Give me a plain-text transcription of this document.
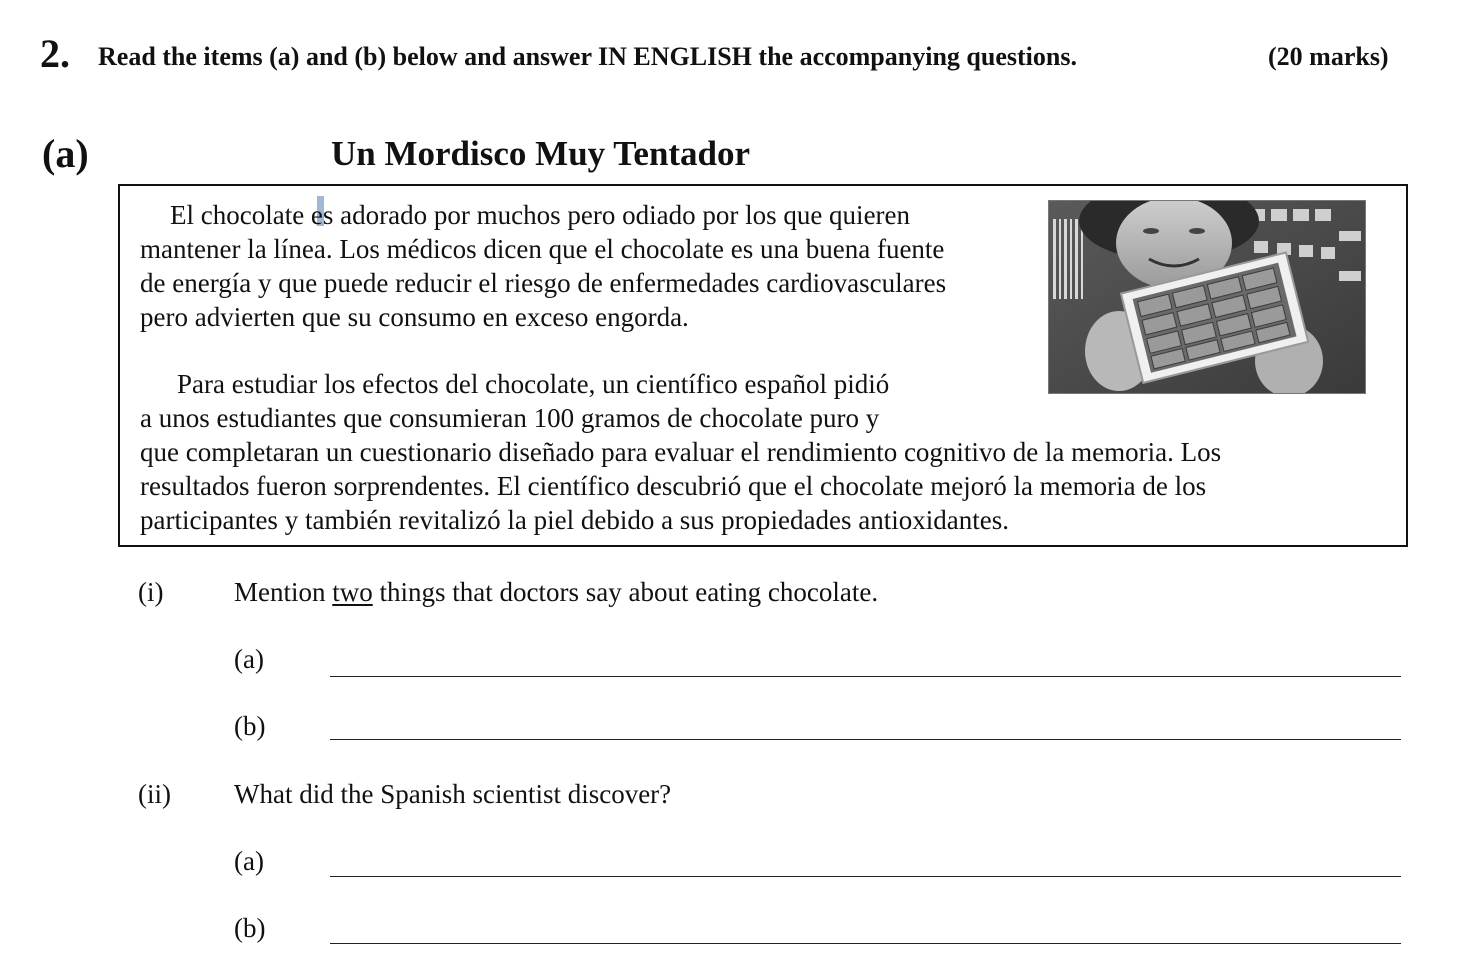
2. Read the items (a) and (b) below and answer IN ENGLISH the accompanying questions.	(20 marks)
(a)	Un Mordisco Muy Tentador
El chocolate es adorado por muchos pero odiado por los que quieren
mantener la línea. Los médicos dicen que el chocolate es una buena fuente
de energía y que puede reducir el riesgo de enfermedades cardiovasculares
pero advierten que su consumo en exceso engorda.
Para estudiar los efectos del chocolate, un científico español pidió
a unos estudiantes que consumieran 100 gramos de chocolate puro y
que completaran un cuestionario diseñado para evaluar el rendimiento cognitivo de la memoria. Los
resultados fueron sorprendentes. El científico descubrió que el chocolate mejoró la memoria de los
participantes y también revitalizó la piel debido a sus propiedades antioxidantes.
(i)	Mention two things that doctors say about eating chocolate.
(a)
(b)
(ii) What did the Spanish scientist discover?
(a)
(b)
